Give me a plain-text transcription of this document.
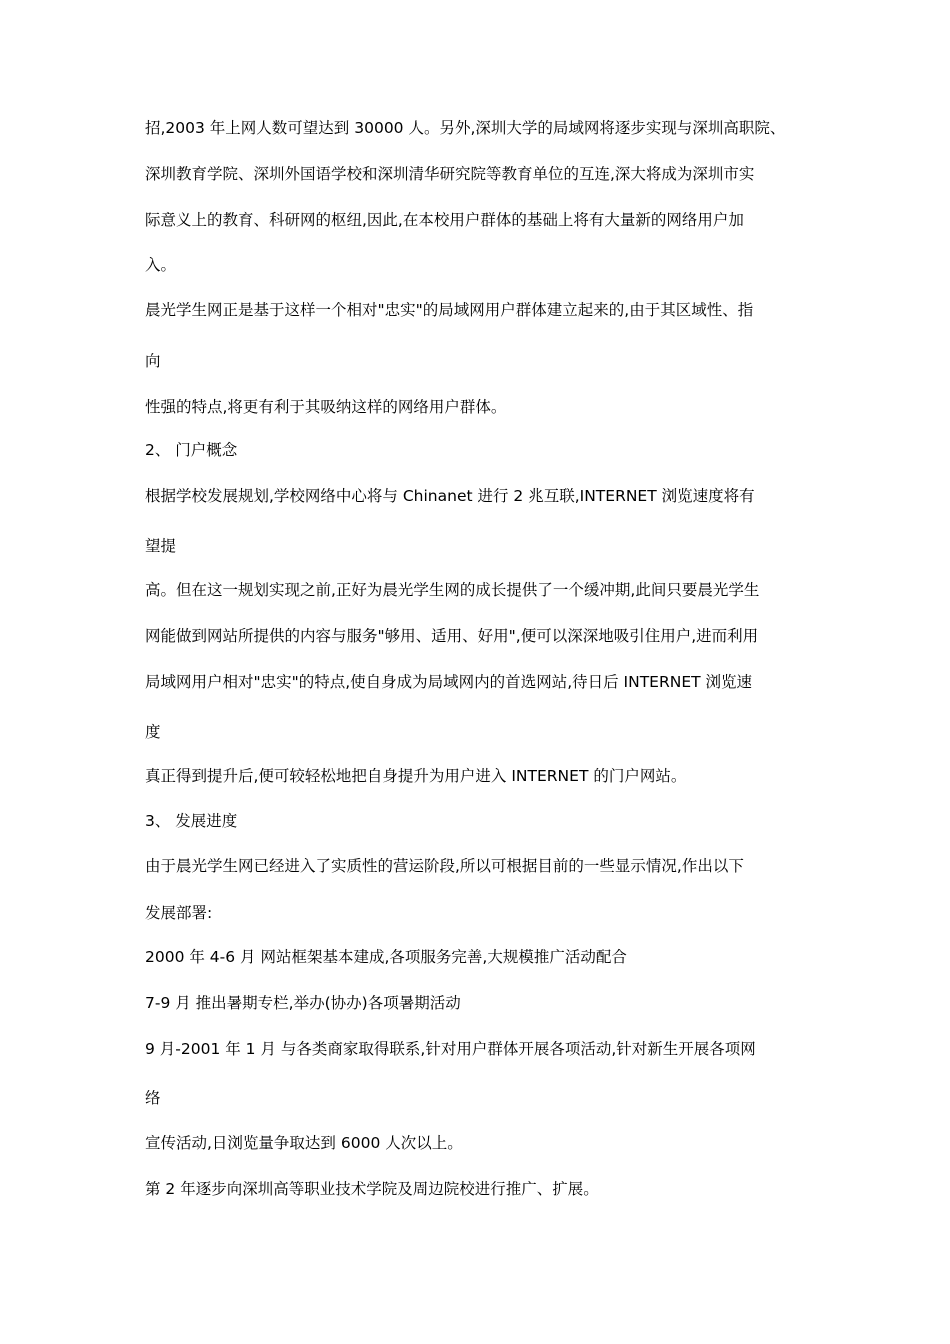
招,2003 年上网人数可望达到 30000 人。另外,深圳大学的局域网将逐步实现与深圳高职院、
深圳教育学院、深圳外国语学校和深圳清华研究院等教育单位的互连,深大将成为深圳市实
际意义上的教育、科研网的枢纽,因此,在本校用户群体的基础上将有大量新的网络用户加
入。
晨光学生网正是基于这样一个相对"忠实"的局域网用户群体建立起来的,由于其区域性、指
向
性强的特点,将更有利于其吸纳这样的网络用户群体。
2、 门户概念
根据学校发展规划,学校网络中心将与 Chinanet 进行 2 兆互联,INTERNET 浏览速度将有
望提
高。但在这一规划实现之前,正好为晨光学生网的成长提供了一个缓冲期,此间只要晨光学生
网能做到网站所提供的内容与服务"够用、适用、好用",便可以深深地吸引住用户,进而利用
局域网用户相对"忠实"的特点,使自身成为局域网内的首选网站,待日后 INTERNET 浏览速
度
真正得到提升后,便可较轻松地把自身提升为用户进入 INTERNET 的门户网站。
3、 发展进度
由于晨光学生网已经进入了实质性的营运阶段,所以可根据目前的一些显示情况,作出以下
发展部署:
2000 年 4-6 月 网站框架基本建成,各项服务完善,大规模推广活动配合
7-9 月 推出暑期专栏,举办(协办)各项暑期活动
9 月-2001 年 1 月 与各类商家取得联系,针对用户群体开展各项活动,针对新生开展各项网
络
宣传活动,日浏览量争取达到 6000 人次以上。
第 2 年逐步向深圳高等职业技术学院及周边院校进行推广、扩展。
